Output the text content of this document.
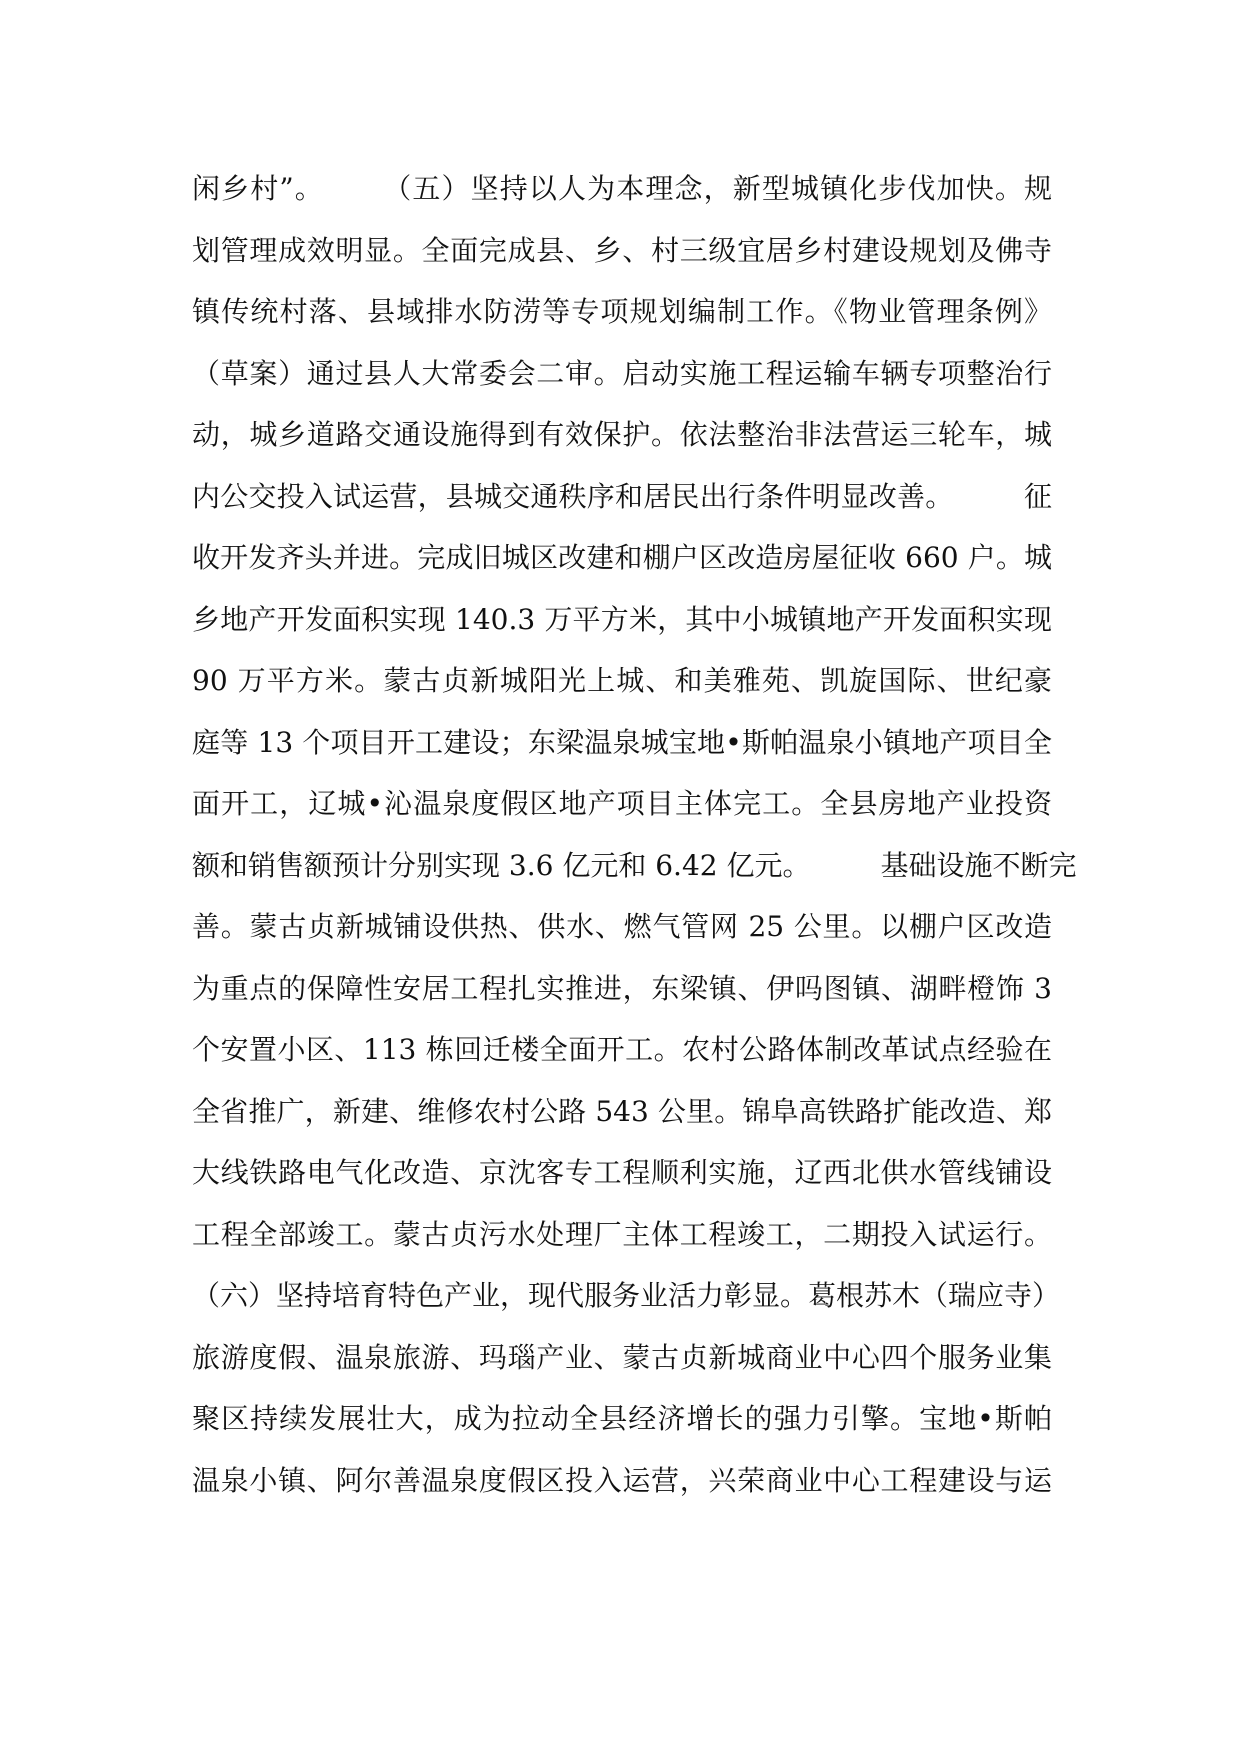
闲乡村”。　　　（五）坚持以人为本理念，新型城镇化步伐加快。规
划管理成效明显。全面完成县、乡、村三级宜居乡村建设规划及佛寺
镇传统村落、县域排水防涝等专项规划编制工作。《物业管理条例》
（草案）通过县人大常委会二审。启动实施工程运输车辆专项整治行
动，城乡道路交通设施得到有效保护。依法整治非法营运三轮车，城
内公交投入试运营，县城交通秩序和居民出行条件明显改善。　　　征
收开发齐头并进。完成旧城区改建和棚户区改造房屋征收 660 户。城
乡地产开发面积实现 140.3 万平方米，其中小城镇地产开发面积实现
90 万平方米。蒙古贞新城阳光上城、和美雅苑、凯旋国际、世纪豪
庭等 13 个项目开工建设；东梁温泉城宝地•斯帕温泉小镇地产项目全
面开工，辽城•沁温泉度假区地产项目主体完工。全县房地产业投资
额和销售额预计分别实现 3.6 亿元和 6.42 亿元。　　　基础设施不断完
善。蒙古贞新城铺设供热、供水、燃气管网 25 公里。以棚户区改造
为重点的保障性安居工程扎实推进，东梁镇、伊吗图镇、湖畔橙饰 3
个安置小区、113 栋回迁楼全面开工。农村公路体制改革试点经验在
全省推广，新建、维修农村公路 543 公里。锦阜高铁路扩能改造、郑
大线铁路电气化改造、京沈客专工程顺利实施，辽西北供水管线铺设
工程全部竣工。蒙古贞污水处理厂主体工程竣工，二期投入试运行。
（六）坚持培育特色产业，现代服务业活力彰显。葛根苏木（瑞应寺）
旅游度假、温泉旅游、玛瑙产业、蒙古贞新城商业中心四个服务业集
聚区持续发展壮大，成为拉动全县经济增长的强力引擎。宝地•斯帕
温泉小镇、阿尔善温泉度假区投入运营，兴荣商业中心工程建设与运
